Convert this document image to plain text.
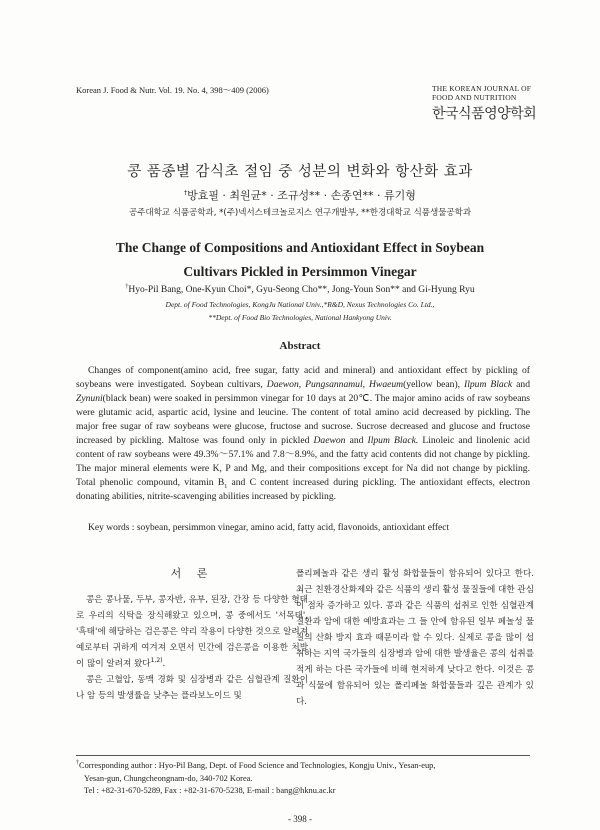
Korean J. Food & Nutr. Vol. 19. No. 4, 398～409 (2006)	THE KOREAN JOURNAL OF
FOOD AND NUTRITION
한국식품영양학회
콩 품종별 감식초 절임 중 성분의 변화와 항산화 효과
†방효필 · 최원균* · 조규성** · 손종연** · 류기형
공주대학교 식품공학과, *(주)넥서스테크놀로지스 연구개발부, **한경대학교 식품생물공학과
The Change of Compositions and Antioxidant Effect in Soybean Cultivars Pickled in Persimmon Vinegar
†Hyo-Pil Bang, One-Kyun Choi*, Gyu-Seong Cho**, Jong-Youn Son** and Gi-Hyung Ryu
Dept. of Food Technologies, KongJu National Univ.,*R&D, Nexus Technologies Co. Ltd.,
**Dept. of Food Bio Technologies, National Hankyong Univ.
Abstract
Changes of component(amino acid, free sugar, fatty acid and mineral) and antioxidant effect by pickling of soybeans were investigated. Soybean cultivars, Daewon, Pungsannamul, Hwaeum(yellow bean), Ilpum Black and Zynuni(black bean) were soaked in persimmon vinegar for 10 days at 20℃. The major amino acids of raw soybeans were glutamic acid, aspartic acid, lysine and leucine. The content of total amino acid decreased by pickling. The major free sugar of raw soybeans were glucose, fructose and sucrose. Sucrose decreased and glucose and fructose increased by pickling. Maltose was found only in pickled Daewon and Ilpum Black. Linoleic and linolenic acid content of raw soybeans were 49.3%～57.1% and 7.8～8.9%, and the fatty acid contents did not change by pickling. The major mineral elements were K, P and Mg, and their compositions except for Na did not change by pickling. Total phenolic compound, vitamin $B_1$ and C content increased during pickling. The antioxidant effects, electron donating abilities, nitrite-scavenging abilities increased by pickling.
Key words : soybean, persimmon vinegar, amino acid, fatty acid, flavonoids, antioxidant effect
서 론

콩은 콩나물, 두부, 콩자반, 유부, 된장, 간장 등 다양한 형태로 우리의 식탁을 장식해왔고 있으며, 콩 중에서도 '서목태', '흑태'에 해당하는 검은콩은 약리 작용이 다양한 것으로 알려져 예로부터 귀하게 여겨져 오면서 민간에 검은콩을 이용한 처방이 많이 알려져 왔다$^{1,2)}$.

콩은 고혈압, 동맥 경화 및 심장병과 같은 심혈관계 질환이나 암 등의 발생률을 낮추는 플라보노이드 및

폴리페놀과 같은 생리 활성 화합물들이 함유되어 있다고 한다. 최근 친환경산화제와 같은 식품의 생리 활성 물질들에 대한 관심이 점차 증가하고 있다. 콩과 같은 식품의 섭취로 인한 심혈관계 질환과 암에 대한 예방효과는 그 들 안에 함유된 일부 페놀성 물질의 산화 방지 효과 때문이라 할 수 있다. 실제로 콩을 많이 섭취하는 지역 국가들의 심장병과 암에 대한 발생율은 콩의 섭취를 적게 하는 다른 국가들에 비해 현저하게 낮다고 한다. 이것은 콩과 식물에 함유되어 있는 폴리페놀 화합물들과 깊은 관계가 있다.

†Corresponding author : Hyo-Pil Bang, Dept. of Food Science and Technologies, Kongju Univ., Yesan-eup,
Yesan-gun, Chungcheongnam-do, 340-702 Korea.
Tel : +82-31-670-5289, Fax : +82-31-670-5238, E-mail : bang@hknu.ac.kr
- 398 -
